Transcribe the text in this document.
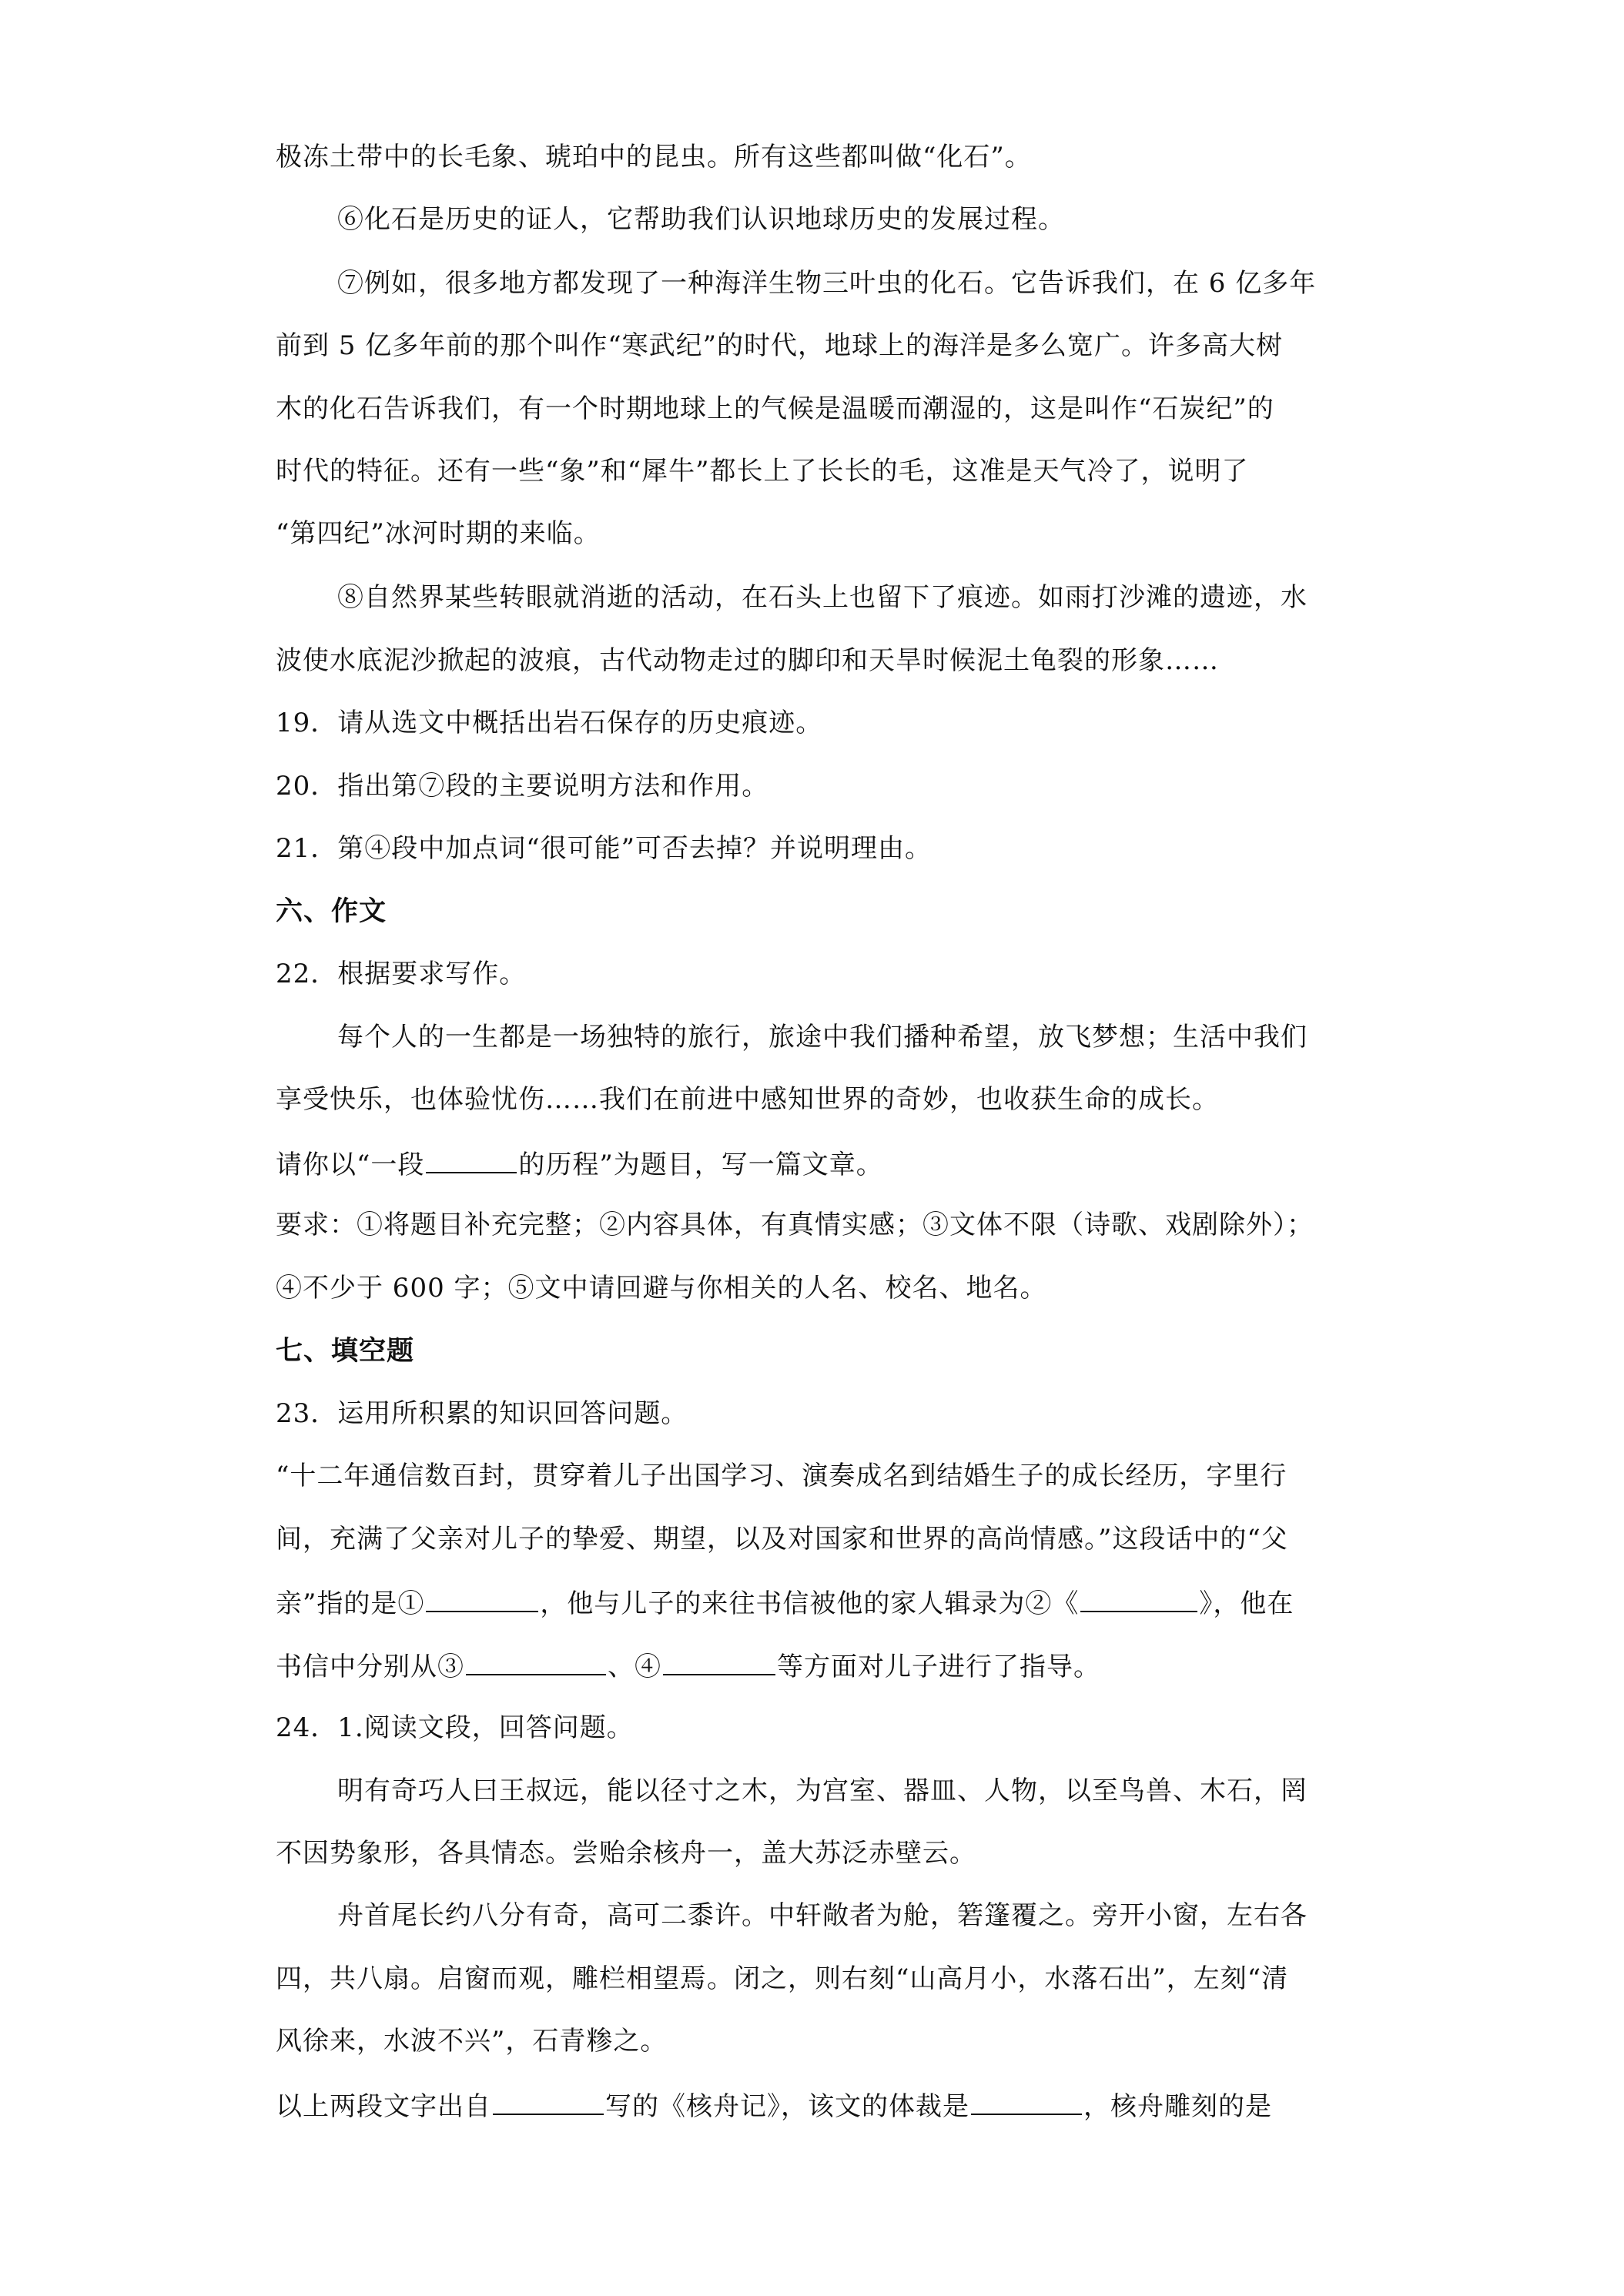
极冻土带中的长毛象、琥珀中的昆虫。所有这些都叫做“化石”。
⑥化石是历史的证人，它帮助我们认识地球历史的发展过程。
⑦例如，很多地方都发现了一种海洋生物三叶虫的化石。它告诉我们，在 6 亿多年
前到 5 亿多年前的那个叫作“寒武纪”的时代，地球上的海洋是多么宽广。许多高大树
木的化石告诉我们，有一个时期地球上的气候是温暖而潮湿的，这是叫作“石炭纪”的
时代的特征。还有一些“象”和“犀牛”都长上了长长的毛，这准是天气冷了，说明了
“第四纪”冰河时期的来临。
⑧自然界某些转眼就消逝的活动，在石头上也留下了痕迹。如雨打沙滩的遗迹，水
波使水底泥沙掀起的波痕，古代动物走过的脚印和天旱时候泥土龟裂的形象……
19．请从选文中概括出岩石保存的历史痕迹。
20．指出第⑦段的主要说明方法和作用。
21．第④段中加点词“很可能”可否去掉？并说明理由。
六、作文
22．根据要求写作。
每个人的一生都是一场独特的旅行，旅途中我们播种希望，放飞梦想；生活中我们
享受快乐，也体验忧伤……我们在前进中感知世界的奇妙，也收获生命的成长。
请你以“一段	的历程”为题目，写一篇文章。
要求：①将题目补充完整；②内容具体，有真情实感；③文体不限（诗歌、戏剧除外）；
④不少于 600 字；⑤文中请回避与你相关的人名、校名、地名。
七、填空题
23．运用所积累的知识回答问题。
“十二年通信数百封，贯穿着儿子出国学习、演奏成名到结婚生子的成长经历，字里行
间，充满了父亲对儿子的挚爱、期望，以及对国家和世界的高尚情感。”这段话中的“父
亲”指的是①	，他与儿子的来往书信被他的家人辑录为②《	》，他在
书信中分别从③	、④	等方面对儿子进行了指导。
24．1.阅读文段，回答问题。
明有奇巧人曰王叔远，能以径寸之木，为宫室、器皿、人物，以至鸟兽、木石，罔
不因势象形，各具情态。尝贻余核舟一，盖大苏泛赤壁云。
舟首尾长约八分有奇，高可二黍许。中轩敞者为舱，箬篷覆之。旁开小窗，左右各
四，共八扇。启窗而观，雕栏相望焉。闭之，则右刻“山高月小，水落石出”，左刻“清
风徐来，水波不兴”，石青糁之。
以上两段文字出自	写的《核舟记》，该文的体裁是	，核舟雕刻的是
